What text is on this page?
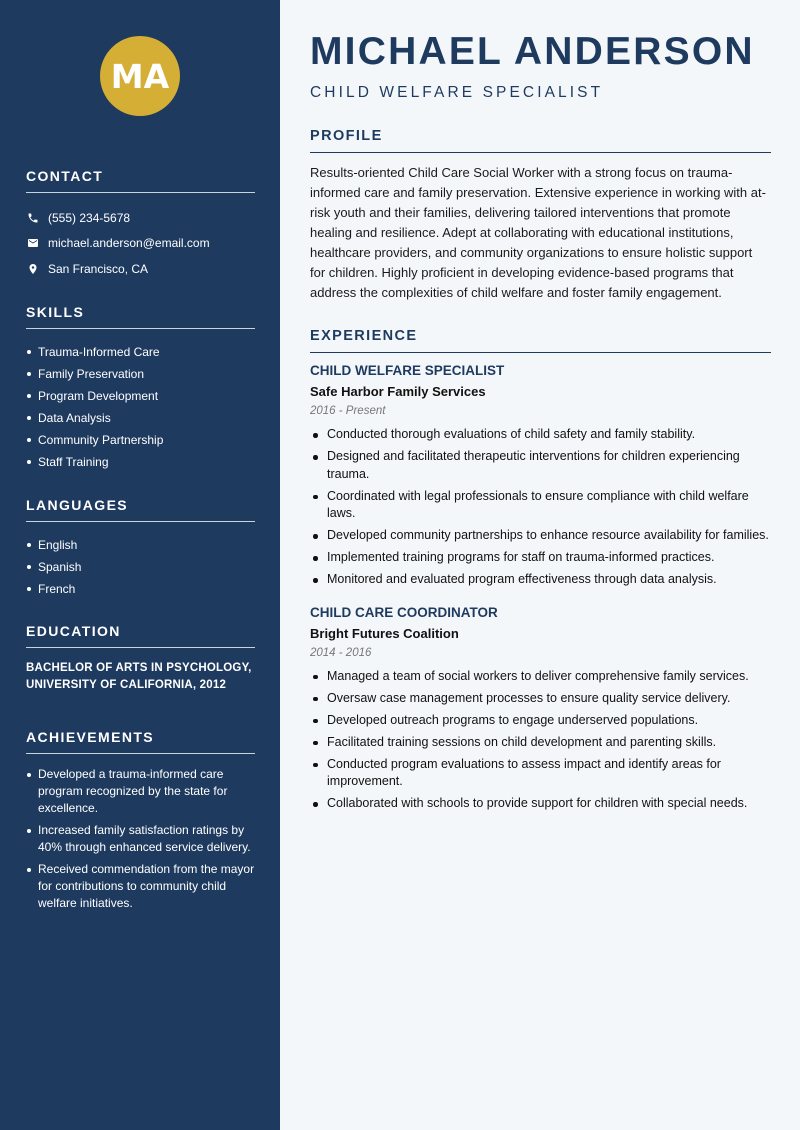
MA
CONTACT
(555) 234-5678
michael.anderson@email.com
San Francisco, CA
SKILLS
Trauma-Informed Care
Family Preservation
Program Development
Data Analysis
Community Partnership
Staff Training
LANGUAGES
English
Spanish
French
EDUCATION
BACHELOR OF ARTS IN PSYCHOLOGY,
UNIVERSITY OF CALIFORNIA, 2012
ACHIEVEMENTS
Developed a trauma-informed care program recognized by the state for excellence.
Increased family satisfaction ratings by 40% through enhanced service delivery.
Received commendation from the mayor for contributions to community child welfare initiatives.
MICHAEL ANDERSON
CHILD WELFARE SPECIALIST
PROFILE

Results-oriented Child Care Social Worker with a strong focus on trauma-informed care and family preservation. Extensive experience in working with at-risk youth and their families, delivering tailored interventions that promote healing and resilience. Adept at collaborating with educational institutions, healthcare providers, and community organizations to ensure holistic support for children. Highly proficient in developing evidence-based programs that address the complexities of child welfare and foster family engagement.

EXPERIENCE
CHILD WELFARE SPECIALIST
Safe Harbor Family Services
2016 - Present
Conducted thorough evaluations of child safety and family stability.
Designed and facilitated therapeutic interventions for children experiencing trauma.
Coordinated with legal professionals to ensure compliance with child welfare laws.
Developed community partnerships to enhance resource availability for families.
Implemented training programs for staff on trauma-informed practices.
Monitored and evaluated program effectiveness through data analysis.
CHILD CARE COORDINATOR
Bright Futures Coalition
2014 - 2016
Managed a team of social workers to deliver comprehensive family services.
Oversaw case management processes to ensure quality service delivery.
Developed outreach programs to engage underserved populations.
Facilitated training sessions on child development and parenting skills.
Conducted program evaluations to assess impact and identify areas for improvement.
Collaborated with schools to provide support for children with special needs.
